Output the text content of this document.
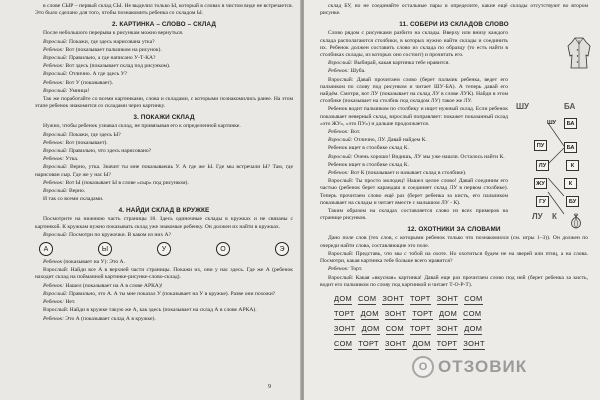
в слове СЫР – первый склад СЫ. Не выделил только Ы, который в словах в чистом виде не встречается. Это было сделано для того, чтобы познакомить ребенка со складом Ы.

2. КАРТИНКА – СЛОВО – СКЛАД

После небольшого перерыва к рисункам можно вернуться.

Взрослый: Покажи, где здесь нарисована утка?

Ребенок: Вот (показывает пальчиком на рисунок).

Взрослый: Правильно, а где написано У-Т-КА?

Ребенок: Вот здесь (показывает склад под рисунком).

Взрослый: Отлично. А где здесь У?

Ребенок: Вот У (показывает).

Взрослый: Умница!

Так же поработайте со всеми картинками, слова и складами, с которыми познакомились ранее. На этом этапе ребенок знакомится со складами через картинку.

3. ПОКАЖИ СКЛАД

Нужно, чтобы ребенок узнавал склад, не привязывая его к определенной картинке.

Взрослый: Покажи, где здесь Ы?

Ребенок: Вот (показывает).

Взрослый: Правильно, что здесь нарисовано?

Ребенок: Утка.

Взрослый: Верно, утка. Значит ты мне показываешь У. А где же Ы. Где мы встречали Ы? Там, где нарисован сыр. Где же у нас Ы?

Ребенок: Вот Ы (показывает Ы в слове «сыр» под рисунком).

Взрослый: Верно.

И так со всеми складами.

4. НАЙДИ СКЛАД В КРУЖКЕ

Посмотрите на нижнюю часть страницы 18. Здесь одиночные склады в кружках и не связаны с картинкой. К кружкам нужно показывать склад уже знакомые ребенку. Он должен их найти в кружках.

Взрослый: Посмотри по кружочки. В каком из них А?

А	Ы	У	О	Э

Ребенок (показывает на У): Это А.

Взрослый: Найди все А в верхней части страницы. Покажи их, они у нас здесь. Где же А (ребенок находит склад на пойманной картинке-рисунке-слово-склад).

Ребенок: Нашел (показывает на А в слове АРКА)!

Взрослый: Правильно, это А. А ты мне показал У (показывает на У в кружке). Разве они похожи?

Ребенок: Нет.

Взрослый: Найди в кружке такую же А, как здесь (показывает на склад А в слове АРКА).

Ребенок: Это А (показывает склад А в кружке).

9

склад БУ, но не соединяйте остальные пары и определите, какие ещё склады отсутствуют во втором рисунке.

11. СОБЕРИ ИЗ СКЛАДОВ СЛОВО
ШУ	БА
ШУ	БА
ПУ
ЛУ
ЖУ
ГУ
БА
К
К
БУ
ЛУ К

Слово рядом с рисунками разбито на склады. Вверху или внизу каждого склада располагаются столбики, в которых нужно найти склады и соединить их. Ребенок должен составить слово из склада по образцу (то есть найти в столбиках склады, из которых оно состоит) и прочитать его.

Взрослый: Выбирай, какая картинка тебе нравится.

Ребенок: Шуба.

Взрослый: Давай прочитаем слово (берет пальчик ребенка, ведет его пальчиком по слову под рисунком и читает ШУ-БА). А теперь давай его найдём. Смотри, вот ЛУ (показывает на склад ЛУ в слове ЛУК). Найди в этом столбике (показывает на столбик под складом ЛУ) такое же ЛУ.

Ребенок водит пальчиком по столбику и ищет нужный склад. Если ребенок показывает неверный склад, взрослый поправляет: покажет показанный склад «это ЖУ», «это ПУ») и дальше продолжается.

Ребенок: Вот.

Взрослый: Отлично, ЛУ. Давай найдем К.

Ребенок ищет в столбике склад К.

Взрослый: Очень хорошо! Видишь, ЛУ мы уже нашли. Осталось найти К.

Ребенок ищет в столбике склад К.

Ребенок: Вот К (показывает и называет склад в столбике).

Взрослый: Ты просто молодец! Нашел целое слово! Давай соединим его частью (ребенок берет карандаш и соединяет склад ЛУ в первом столбике). Теперь прочитаем слово ещё раз (берет ребенка за кисть, его пальчиком показывает на склады и читает вместе с малышом ЛУ - К).

Таким образом на складах составляется слово из всех примеров на странице рисунков.

12. ОХОТНИКИ ЗА СЛОВАМИ

Дано поле слов (тех слов, с которыми ребенок только что познакомился (см. игры 1–3)). Он должен по очереди найти слова, составляющие это поле.

Взрослый: Представь, что мы с тобой на охоте. Но охотиться будем не на зверей или птиц, а на слова. Посмотри, какая картинка тебе больше всего нравится?

Ребенок: Торт.

Взрослый: Какая «вкусная» картинка! Давай еще раз прочитаем слово под ней (берет ребенка за кисть, водит его пальчиком по слову под картинкой и читает Т-О-Р-Т).

ДОМ СОМ ЗОНТ ТОРТ ЗОНТ СОМ
ТОРТ ДОМ ЗОНТ ТОРТ ДОМ СОМ
ЗОНТ ДОМ СОМ ТОРТ ЗОНТ ДОМ
СОМ ТОРТ ЗОНТ ДОМ ТОРТ ЗОНТ
О ОТЗОВИК
